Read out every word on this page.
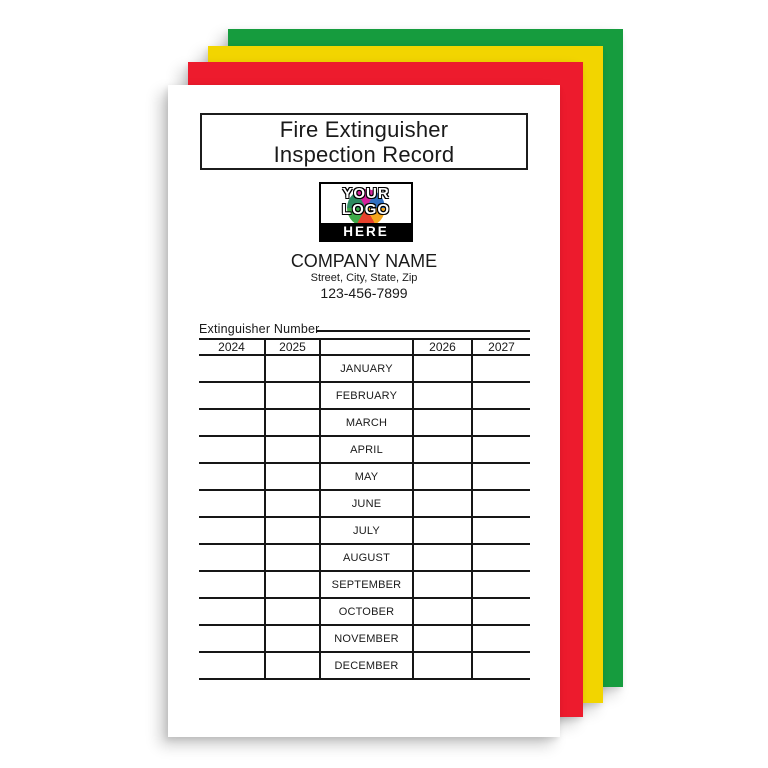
Fire Extinguisher
Inspection Record
YOUR
LOGO
HERE
COMPANY NAME
Street, City, State, Zip
123-456-7899
Extinguisher Number
2024	2025		2026	2027
		JANUARY		
		FEBRUARY		
		MARCH		
		APRIL		
		MAY		
		JUNE		
		JULY		
		AUGUST		
		SEPTEMBER		
		OCTOBER		
		NOVEMBER		
		DECEMBER		
